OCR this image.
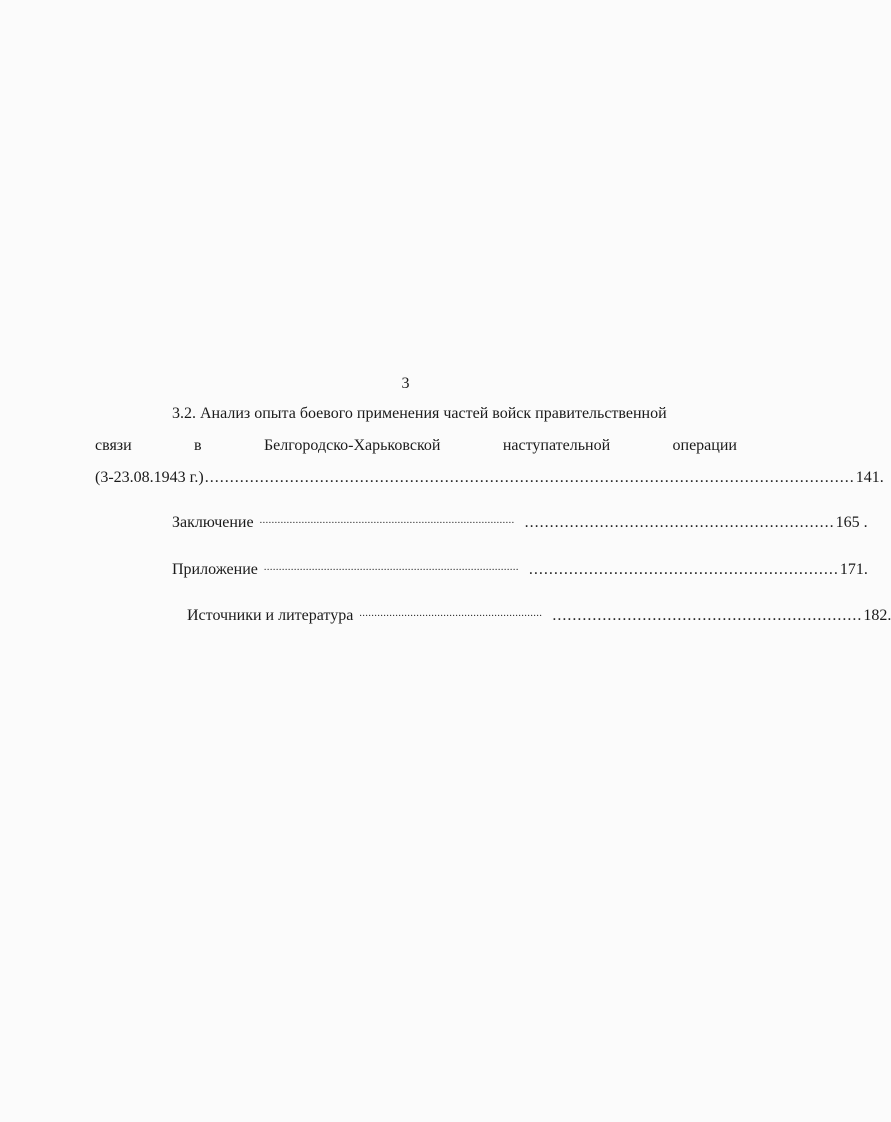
3
3.2. Анализ опыта боевого применения частей войск правительственной
связи	в	Белгородско-Харьковской	наступательной	операции
(3-23.08.1943 г.) .................................................................................................................................. 141.
Заключение ..................................................................................... .............................................................. 165 .
Приложение ..................................................................................... .............................................................. 171.
Источники и литература ............................................................. .............................................................. 182.
